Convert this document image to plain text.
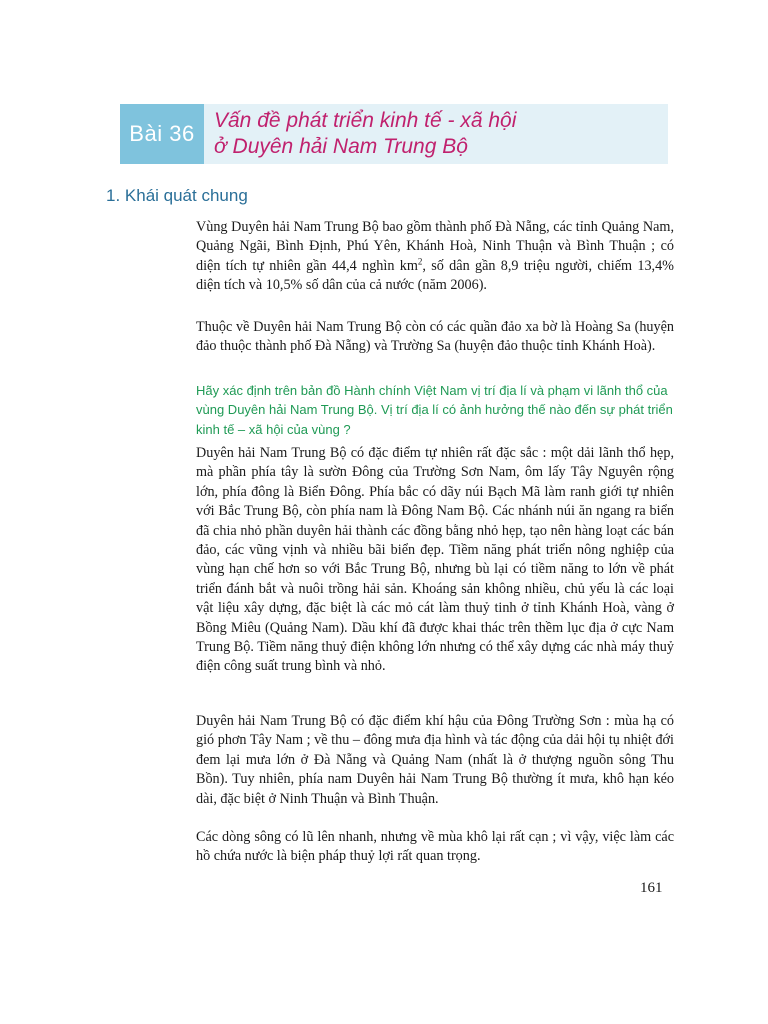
Bài 36
Vấn đề phát triển kinh tế - xã hội
ở Duyên hải Nam Trung Bộ
1. Khái quát chung

Vùng Duyên hải Nam Trung Bộ bao gồm thành phố Đà Nẵng, các tỉnh Quảng Nam, Quảng Ngãi, Bình Định, Phú Yên, Khánh Hoà, Ninh Thuận và Bình Thuận ; có diện tích tự nhiên gần 44,4 nghìn $km^2$, số dân gần 8,9 triệu người, chiếm 13,4% diện tích và 10,5% số dân của cả nước (năm 2006).

Thuộc về Duyên hải Nam Trung Bộ còn có các quần đảo xa bờ là Hoàng Sa (huyện đảo thuộc thành phố Đà Nẵng) và Trường Sa (huyện đảo thuộc tỉnh Khánh Hoà).

Hãy xác định trên bản đồ Hành chính Việt Nam vị trí địa lí và phạm vi lãnh thổ của vùng Duyên hải Nam Trung Bộ. Vị trí địa lí có ảnh hưởng thế nào đến sự phát triển kinh tế – xã hội của vùng ?

Duyên hải Nam Trung Bộ có đặc điểm tự nhiên rất đặc sắc : một dải lãnh thổ hẹp, mà phần phía tây là sườn Đông của Trường Sơn Nam, ôm lấy Tây Nguyên rộng lớn, phía đông là Biển Đông. Phía bắc có dãy núi Bạch Mã làm ranh giới tự nhiên với Bắc Trung Bộ, còn phía nam là Đông Nam Bộ. Các nhánh núi ăn ngang ra biển đã chia nhỏ phần duyên hải thành các đồng bằng nhỏ hẹp, tạo nên hàng loạt các bán đảo, các vũng vịnh và nhiều bãi biển đẹp. Tiềm năng phát triển nông nghiệp của vùng hạn chế hơn so với Bắc Trung Bộ, nhưng bù lại có tiềm năng to lớn về phát triển đánh bắt và nuôi trồng hải sản. Khoáng sản không nhiều, chủ yếu là các loại vật liệu xây dựng, đặc biệt là các mỏ cát làm thuỷ tinh ở tỉnh Khánh Hoà, vàng ở Bồng Miêu (Quảng Nam). Dầu khí đã được khai thác trên thềm lục địa ở cực Nam Trung Bộ. Tiềm năng thuỷ điện không lớn nhưng có thể xây dựng các nhà máy thuỷ điện công suất trung bình và nhỏ.

Duyên hải Nam Trung Bộ có đặc điểm khí hậu của Đông Trường Sơn : mùa hạ có gió phơn Tây Nam ; về thu – đông mưa địa hình và tác động của dải hội tụ nhiệt đới đem lại mưa lớn ở Đà Nẵng và Quảng Nam (nhất là ở thượng nguồn sông Thu Bồn). Tuy nhiên, phía nam Duyên hải Nam Trung Bộ thường ít mưa, khô hạn kéo dài, đặc biệt ở Ninh Thuận và Bình Thuận.

Các dòng sông có lũ lên nhanh, nhưng về mùa khô lại rất cạn ; vì vậy, việc làm các hồ chứa nước là biện pháp thuỷ lợi rất quan trọng.

161
